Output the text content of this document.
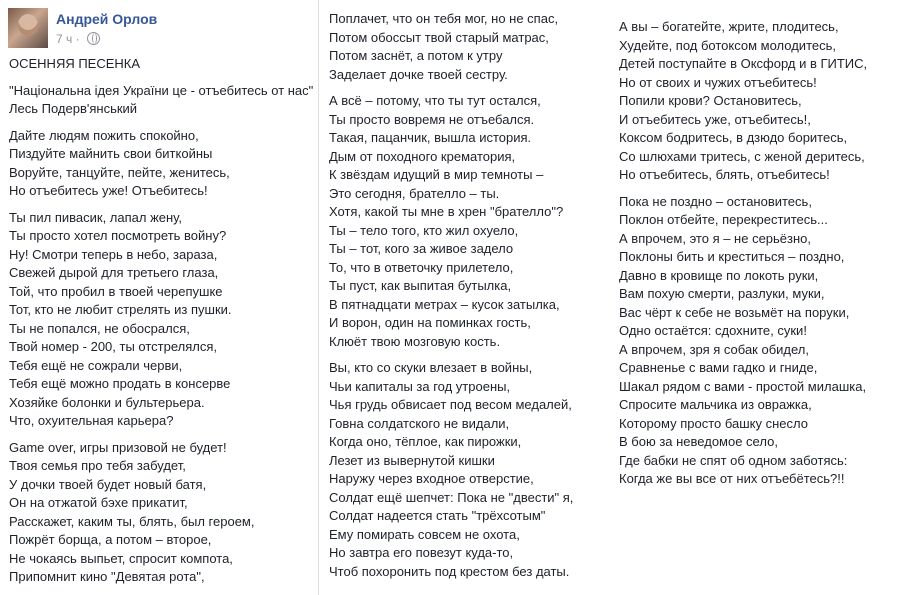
Андрей Орлов
7 ч ·
ОСЕННЯЯ ПЕСЕНКА
"Національна ідея України це - отъебитесь от нас"
Лесь Подерв'янський
Дайте людям пожить спокойно,
Пиздуйте майнить свои биткойны
Воруйте, танцуйте, пейте, женитесь,
Но отъебитесь уже! Отъебитесь!
Ты пил пивасик, лапал жену,
Ты просто хотел посмотреть войну?
Ну! Смотри теперь в небо, зараза,
Свежей дырой для третьего глаза,
Той, что пробил в твоей черепушке
Тот, кто не любит стрелять из пушки.
Ты не попался, не обосрался,
Твой номер - 200, ты отстрелялся,
Тебя ещё не сожрали черви,
Тебя ещё можно продать в консерве
Хозяйке болонки и бультерьера.
Что, охуительная карьера?
Game over, игры призовой не будет!
Твоя семья про тебя забудет,
У дочки твоей будет новый батя,
Он на отжатой бэхе прикатит,
Расскажет, каким ты, блять, был героем,
Пожрёт борща, а потом – второе,
Не чокаясь выпьет, спросит компота,
Припомнит кино "Девятая рота",
Поплачет, что он тебя мог, но не спас,
Потом обоссыт твой старый матрас,
Потом заснёт, а потом к утру
Заделает дочке твоей сестру.
А всё – потому, что ты тут остался,
Ты просто вовремя не отъебался.
Такая, пацанчик, вышла история.
Дым от походного крематория,
К звёздам идущий в мир темноты –
Это сегодня, брателло – ты.
Хотя, какой ты мне в хрен "брателло"?
Ты – тело того, кто жил охуело,
Ты – тот, кого за живое задело
То, что в ответочку прилетело,
Ты пуст, как выпитая бутылка,
В пятнадцати метрах – кусок затылка,
И ворон, один на поминках гость,
Клюёт твою мозговую кость.
Вы, кто со скуки влезает в войны,
Чьи капиталы за год утроены,
Чья грудь обвисает под весом медалей,
Говна солдатского не видали,
Когда оно, тёплое, как пирожки,
Лезет из вывернутой кишки
Наружу через входное отверстие,
Солдат ещё шепчет: Пока не "двести" я,
Солдат надеется стать "трёхсотым"
Ему помирать совсем не охота,
Но завтра его повезут куда-то,
Чтоб похоронить под крестом без даты.
А вы – богатейте, жрите, плодитесь,
Худейте, под ботоксом молодитесь,
Детей поступайте в Оксфорд и в ГИТИС,
Но от своих и чужих отъебитесь!
Попили крови? Остановитесь,
И отъебитесь уже, отъебитесь!,
Коксом бодритесь, в дзюдо боритесь,
Со шлюхами тритесь, с женой деритесь,
Но отъебитесь, блять, отъебитесь!
Пока не поздно – остановитесь,
Поклон отбейте, перекреститесь...
А впрочем, это я – не серьёзно,
Поклоны бить и креститься – поздно,
Давно в кровище по локоть руки,
Вам похую смерти, разлуки, муки,
Вас чёрт к себе не возьмёт на поруки,
Одно остаётся: сдохните, суки!
А впрочем, зря я собак обидел,
Сравненье с вами гадко и гниде,
Шакал рядом с вами - простой милашка,
Спросите мальчика из овражка,
Которому просто башку снесло
В бою за неведомое село,
Где бабки не спят об одном заботясь:
Когда же вы все от них отъебётесь?!!
